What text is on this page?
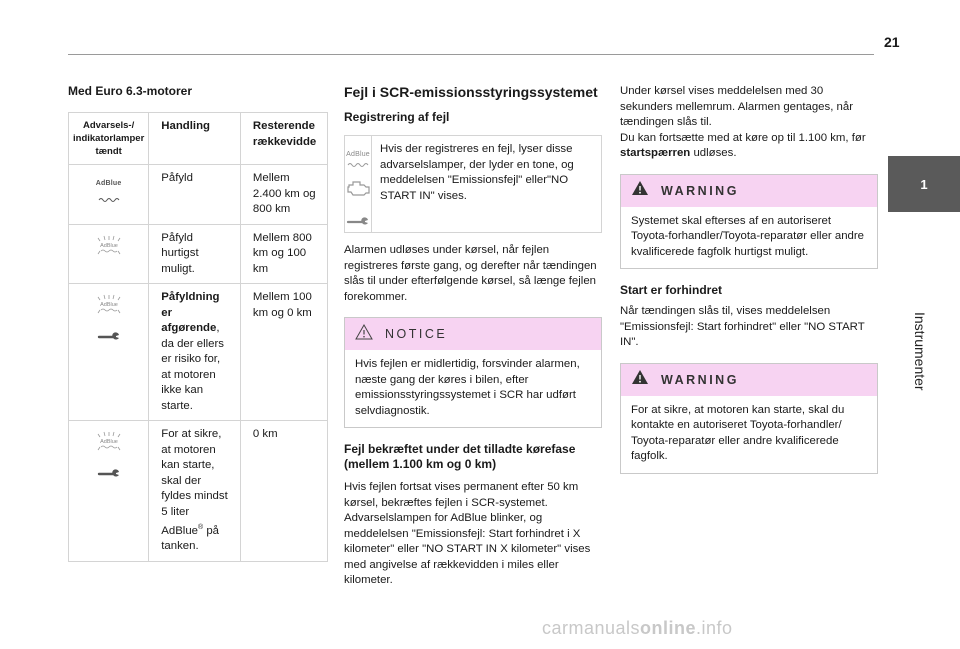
21
1
Instrumenter
Med Euro 6.3-motorer
Advarsels-/ indikatorlamper tændt	Handling	Resterende rækkevidde

AdBlue	Påfyld	Mellem 2.400 km og 800 km

AdBlue	Påfyld hurtigst muligt.	Mellem 800 km og 100 km

AdBlue	Påfyldning er afgørende, da der ellers er risiko for, at motoren ikke kan starte.	Mellem 100 km og 0 km

AdBlue	For at sikre, at motoren kan starte, skal der fyldes mindst 5 liter AdBlue® på tanken.	0 km
Fejl i SCR-emissionsstyringssystemet
Registrering af fejl
AdBlue Hvis der registreres en fejl, lyser disse advarselslamper, der lyder en tone, og meddelelsen "Emissionsfejl" eller"NO START IN" vises.

Alarmen udløses under kørsel, når fejlen registreres første gang, og derefter når tændingen slås til under efterfølgende kørsel, så længe fejlen forekommer.

NOTICE
Hvis fejlen er midlertidig, forsvinder alarmen, næste gang der køres i bilen, efter emissionsstyringssystemet i SCR har udført selvdiagnostik.
Fejl bekræftet under det tilladte kørefase (mellem 1.100 km og 0 km)

Hvis fejlen fortsat vises permanent efter 50 km kørsel, bekræftes fejlen i SCR-systemet. Advarselslampen for AdBlue blinker, og meddelelsen "Emissionsfejl: Start forhindret i X kilometer" eller "NO START IN X kilometer" vises med angivelse af rækkevidden i miles eller kilometer.

Under kørsel vises meddelelsen med 30 sekunders mellemrum. Alarmen gentages, når tændingen slås til.

Du kan fortsætte med at køre op til 1.100 km, før startspærren udløses.

WARNING
Systemet skal efterses af en autoriseret Toyota-forhandler/Toyota-reparatør eller andre kvalificerede fagfolk hurtigst muligt.
Start er forhindret

Når tændingen slås til, vises meddelelsen "Emissionsfejl: Start forhindret" eller "NO START IN".

WARNING
For at sikre, at motoren kan starte, skal du kontakte en autoriseret Toyota-forhandler/ Toyota-reparatør eller andre kvalificerede fagfolk.
carmanualsonline.info
